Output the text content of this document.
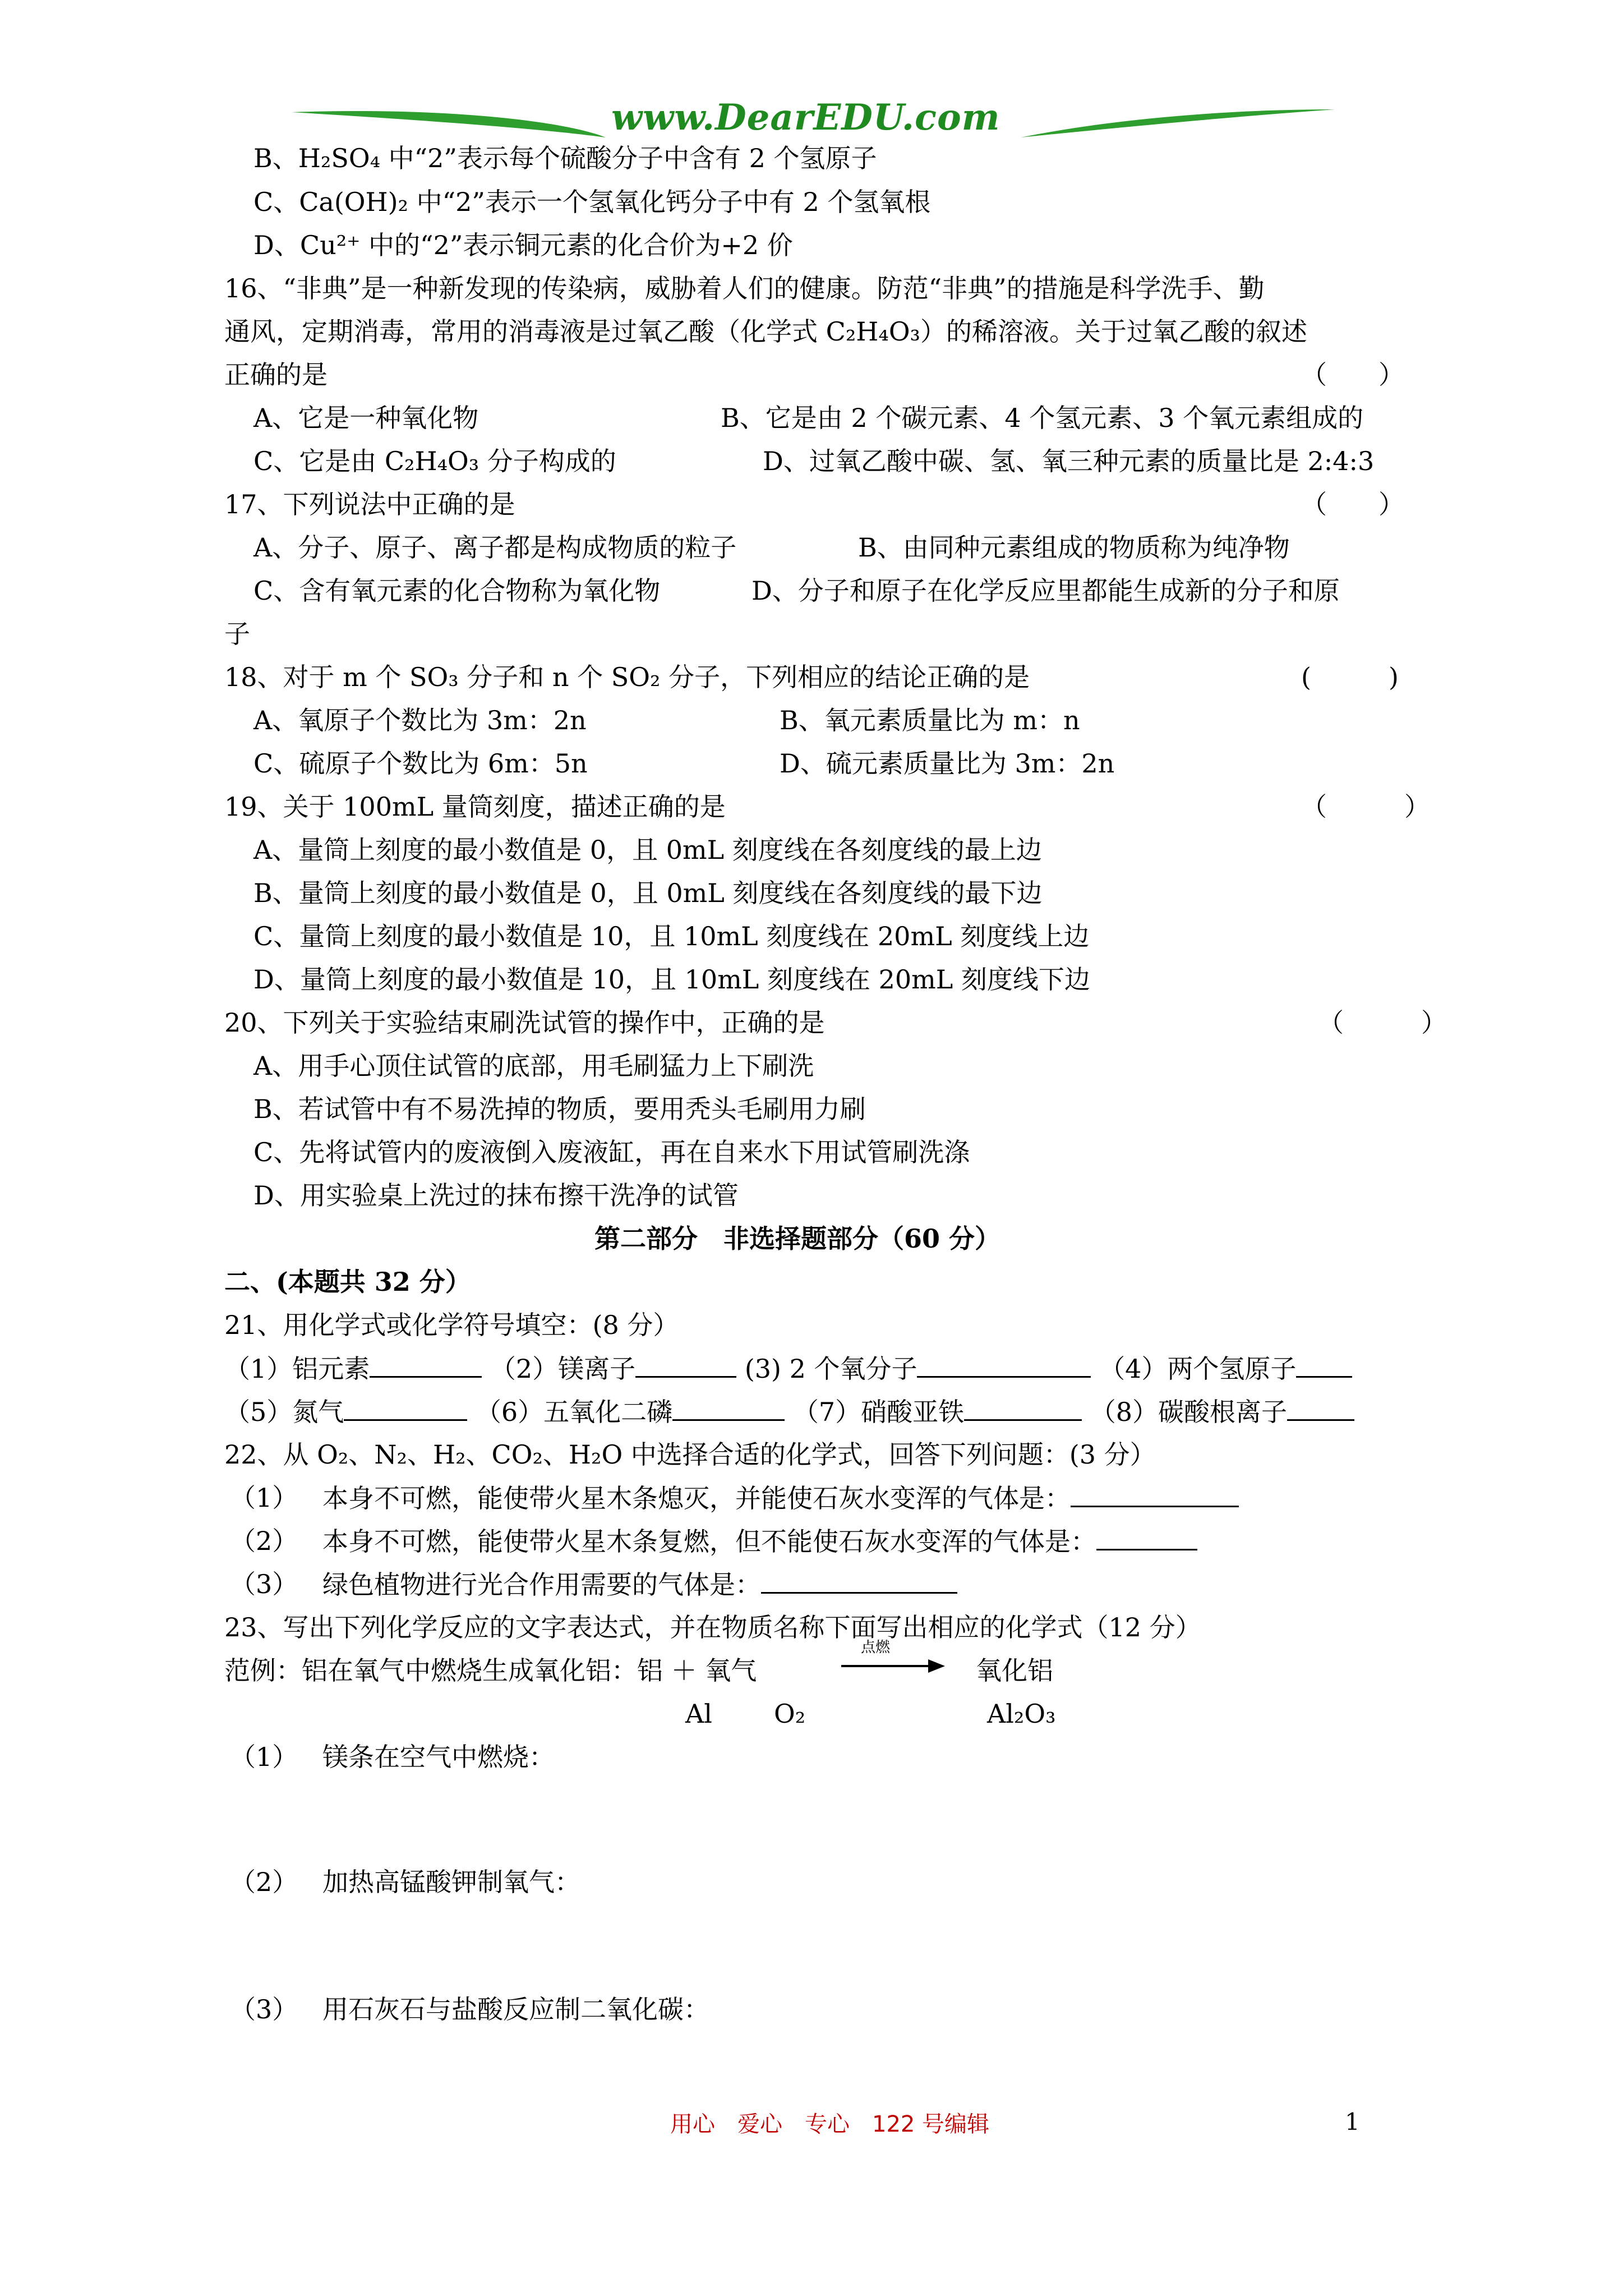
www.DearEDU.com
B、H₂SO₄ 中“2”表示每个硫酸分子中含有 2 个氢原子
C、Ca(OH)₂ 中“2”表示一个氢氧化钙分子中有 2 个氢氧根
D、Cu²⁺ 中的“2”表示铜元素的化合价为+2 价
16、“非典”是一种新发现的传染病，威胁着人们的健康。防范“非典”的措施是科学洗手、勤
通风，定期消毒，常用的消毒液是过氧乙酸（化学式 C₂H₄O₃）的稀溶液。关于过氧乙酸的叙述
正确的是	（　　）
A、它是一种氧化物	B、它是由 2 个碳元素、4 个氢元素、3 个氧元素组成的
C、它是由 C₂H₄O₃ 分子构成的	D、过氧乙酸中碳、氢、氧三种元素的质量比是 2:4:3
17、下列说法中正确的是	（　　）
A、分子、原子、离子都是构成物质的粒子	B、由同种元素组成的物质称为纯净物
C、含有氧元素的化合物称为氧化物	D、分子和原子在化学反应里都能生成新的分子和原
子
18、对于 m 个 SO₃ 分子和 n 个 SO₂ 分子，下列相应的结论正确的是	(　　　)
A、氧原子个数比为 3m：2n	B、氧元素质量比为 m：n
C、硫原子个数比为 6m：5n	D、硫元素质量比为 3m：2n
19、关于 100mL 量筒刻度，描述正确的是	（　　　）
A、量筒上刻度的最小数值是 0，且 0mL 刻度线在各刻度线的最上边
B、量筒上刻度的最小数值是 0，且 0mL 刻度线在各刻度线的最下边
C、量筒上刻度的最小数值是 10，且 10mL 刻度线在 20mL 刻度线上边
D、量筒上刻度的最小数值是 10，且 10mL 刻度线在 20mL 刻度线下边
20、下列关于实验结束刷洗试管的操作中，正确的是	（　　　）
A、用手心顶住试管的底部，用毛刷猛力上下刷洗
B、若试管中有不易洗掉的物质，要用秃头毛刷用力刷
C、先将试管内的废液倒入废液缸，再在自来水下用试管刷洗涤
D、用实验桌上洗过的抹布擦干洗净的试管
第二部分　非选择题部分（60 分）
二、(本题共 32 分）
21、用化学式或化学符号填空：(8 分）
（1）铝元素	（2）镁离子	(3) 2 个氧分子	（4）两个氢原子
（5）氮气	（6）五氧化二磷	（7）硝酸亚铁	（8）碳酸根离子
22、从 O₂、N₂、H₂、CO₂、H₂O 中选择合适的化学式，回答下列问题：(3 分）
（1） 本身不可燃，能使带火星木条熄灭，并能使石灰水变浑的气体是：
（2） 本身不可燃，能使带火星木条复燃，但不能使石灰水变浑的气体是：
（3） 绿色植物进行光合作用需要的气体是：
23、写出下列化学反应的文字表达式，并在物质名称下面写出相应的化学式（12 分）
范例：铝在氧气中燃烧生成氧化铝：铝 ＋ 氧气
点燃
氧化铝
Al O₂	Al₂O₃
（1） 镁条在空气中燃烧：
（2） 加热高锰酸钾制氧气：
（3） 用石灰石与盐酸反应制二氧化碳：
用心　爱心　专心　122 号编辑	1
